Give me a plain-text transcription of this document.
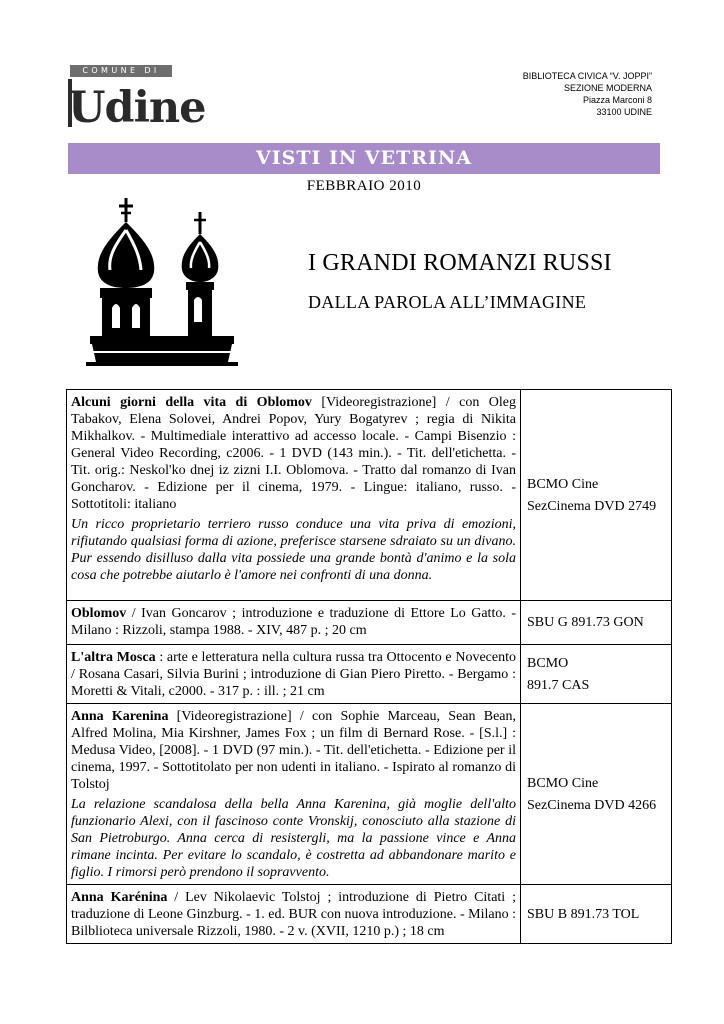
COMUNE DI
Udine
BIBLIOTECA CIVICA “V. JOPPI”
SEZIONE MODERNA
Piazza Marconi 8
33100 UDINE
VISTI IN VETRINA
FEBBRAIO 2010
I GRANDI ROMANZI RUSSI
DALLA PAROLA ALL’IMMAGINE
Alcuni giorni della vita di Oblomov [Videoregistrazione] / con Oleg Tabakov, Elena Solovei, Andrei Popov, Yury Bogatyrev ; regia di Nikita Mikhalkov. - Multimediale interattivo ad accesso locale. - Campi Bisenzio : General Video Recording, c2006. - 1 DVD (143 min.). - Tit. dell'etichetta. - Tit. orig.: Neskol'ko dnej iz zizni I.I. Oblomova. - Tratto dal romanzo di Ivan Goncharov. - Edizione per il cinema, 1979. - Lingue: italiano, russo. - Sottotitoli: italiano
Un ricco proprietario terriero russo conduce una vita priva di emozioni, rifiutando qualsiasi forma di azione, preferisce starsene sdraiato su un divano. Pur essendo disilluso dalla vita possiede una grande bontà d'animo e la sola cosa che potrebbe aiutarlo è l'amore nei confronti di una donna.	BCMO Cine
SezCinema DVD 2749

Oblomov / Ivan Goncarov ; introduzione e traduzione di Ettore Lo Gatto. - Milano : Rizzoli, stampa 1988. - XIV, 487 p. ; 20 cm	SBU G 891.73 GON

L'altra Mosca : arte e letteratura nella cultura russa tra Ottocento e Novecento / Rosana Casari, Silvia Burini ; introduzione di Gian Piero Piretto. - Bergamo : Moretti & Vitali, c2000. - 317 p. : ill. ; 21 cm	BCMO
891.7 CAS

Anna Karenina [Videoregistrazione] / con Sophie Marceau, Sean Bean, Alfred Molina, Mia Kirshner, James Fox ; un film di Bernard Rose. - [S.l.] : Medusa Video, [2008]. - 1 DVD (97 min.). - Tit. dell'etichetta. - Edizione per il cinema, 1997. - Sottotitolato per non udenti in italiano. - Ispirato al romanzo di Tolstoj
La relazione scandalosa della bella Anna Karenina, già moglie dell'alto funzionario Alexi, con il fascinoso conte Vronskij, conosciuto alla stazione di San Pietroburgo. Anna cerca di resistergli, ma la passione vince e Anna rimane incinta. Per evitare lo scandalo, è costretta ad abbandonare marito e figlio. I rimorsi però prendono il sopravvento.	BCMO Cine
SezCinema DVD 4266

Anna Karénina / Lev Nikolaevic Tolstoj ; introduzione di Pietro Citati ; traduzione di Leone Ginzburg. - 1. ed. BUR con nuova introduzione. - Milano : Bilblioteca universale Rizzoli, 1980. - 2 v. (XVII, 1210 p.) ; 18 cm	SBU B 891.73 TOL
